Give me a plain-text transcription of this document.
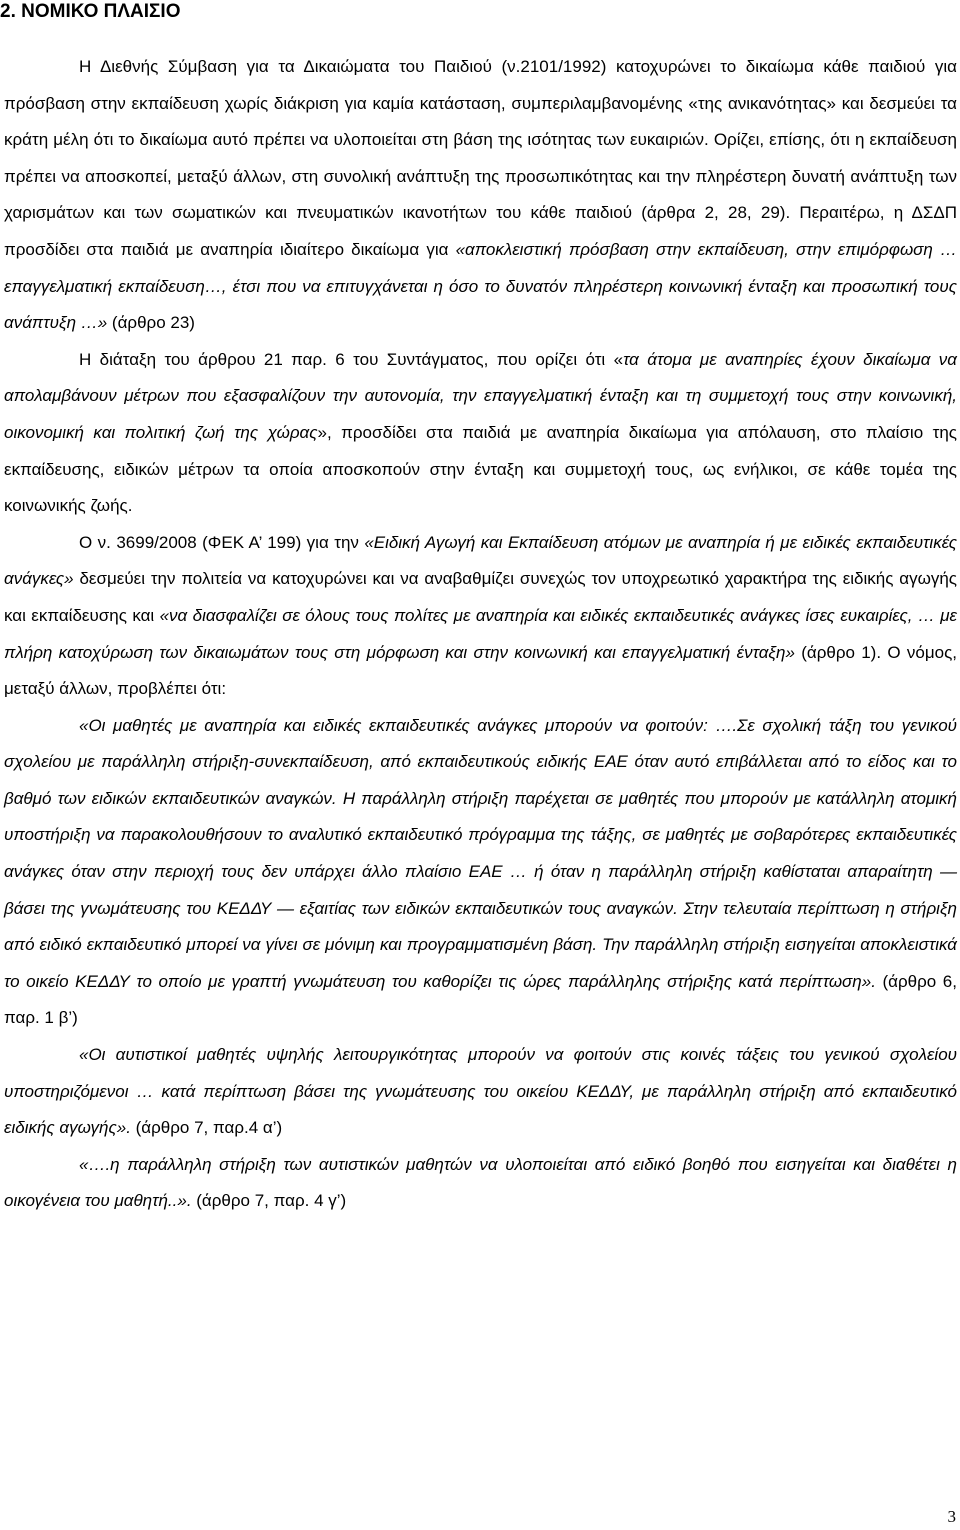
2. ΝΟΜΙΚΟ ΠΛΑΙΣΙΟ

Η Διεθνής Σύμβαση για τα Δικαιώματα του Παιδιού (ν.2101/1992) κατοχυρώνει το δικαίωμα κάθε παιδιού για πρόσβαση στην εκπαίδευση χωρίς διάκριση για καμία κατάσταση, συμπεριλαμβανομένης «της ανικανότητας» και δεσμεύει τα κράτη μέλη ότι το δικαίωμα αυτό πρέπει να υλοποιείται στη βάση της ισότητας των ευκαιριών. Ορίζει, επίσης, ότι η εκπαίδευση πρέπει να αποσκοπεί, μεταξύ άλλων, στη συνολική ανάπτυξη της προσωπικότητας και την πληρέστερη δυνατή ανάπτυξη των χαρισμάτων και των σωματικών και πνευματικών ικανοτήτων του κάθε παιδιού (άρθρα 2, 28, 29). Περαιτέρω, η ΔΣΔΠ προσδίδει στα παιδιά με αναπηρία ιδιαίτερο δικαίωμα για «αποκλειστική πρόσβαση στην εκπαίδευση, στην επιμόρφωση … επαγγελματική εκπαίδευση…, έτσι που να επιτυγχάνεται η όσο το δυνατόν πληρέστερη κοινωνική ένταξη και προσωπική τους ανάπτυξη …» (άρθρο 23)

Η διάταξη του άρθρου 21 παρ. 6 του Συντάγματος, που ορίζει ότι «τα άτομα με αναπηρίες έχουν δικαίωμα να απολαμβάνουν μέτρων που εξασφαλίζουν την αυτονομία, την επαγγελματική ένταξη και τη συμμετοχή τους στην κοινωνική, οικονομική και πολιτική ζωή της χώρας», προσδίδει στα παιδιά με αναπηρία δικαίωμα για απόλαυση, στο πλαίσιο της εκπαίδευσης, ειδικών μέτρων τα οποία αποσκοπούν στην ένταξη και συμμετοχή τους, ως ενήλικοι, σε κάθε τομέα της κοινωνικής ζωής.

Ο ν. 3699/2008 (ΦΕΚ Α’ 199) για την «Ειδική Αγωγή και Εκπαίδευση ατόμων με αναπηρία ή με ειδικές εκπαιδευτικές ανάγκες» δεσμεύει την πολιτεία να κατοχυρώνει και να αναβαθμίζει συνεχώς τον υποχρεωτικό χαρακτήρα της ειδικής αγωγής και εκπαίδευσης και «να διασφαλίζει σε όλους τους πολίτες με αναπηρία και ειδικές εκπαιδευτικές ανάγκες ίσες ευκαιρίες, … με πλήρη κατοχύρωση των δικαιωμάτων τους στη μόρφωση και στην κοινωνική και επαγγελματική ένταξη» (άρθρο 1). Ο νόμος, μεταξύ άλλων, προβλέπει ότι:

«Οι μαθητές με αναπηρία και ειδικές εκπαιδευτικές ανάγκες μπορούν να φοιτούν: ….Σε σχολική τάξη του γενικού σχολείου με παράλληλη στήριξη-συνεκπαίδευση, από εκπαιδευτικούς ειδικής ΕΑΕ όταν αυτό επιβάλλεται από το είδος και το βαθμό των ειδικών εκπαιδευτικών αναγκών. Η παράλληλη στήριξη παρέχεται σε μαθητές που μπορούν με κατάλληλη ατομική υποστήριξη να παρακολουθήσουν το αναλυτικό εκπαιδευτικό πρόγραμμα της τάξης, σε μαθητές με σοβαρότερες εκπαιδευτικές ανάγκες όταν στην περιοχή τους δεν υπάρχει άλλο πλαίσιο ΕΑΕ … ή όταν η παράλληλη στήριξη καθίσταται απαραίτητη ― βάσει της γνωμάτευσης του ΚΕΔΔΥ ― εξαιτίας των ειδικών εκπαιδευτικών τους αναγκών. Στην τελευταία περίπτωση η στήριξη από ειδικό εκπαιδευτικό μπορεί να γίνει σε μόνιμη και προγραμματισμένη βάση. Την παράλληλη στήριξη εισηγείται αποκλειστικά το οικείο ΚΕΔΔΥ το οποίο με γραπτή γνωμάτευση του καθορίζει τις ώρες παράλληλης στήριξης κατά περίπτωση». (άρθρο 6, παρ. 1 β’)

«Οι αυτιστικοί μαθητές υψηλής λειτουργικότητας μπορούν να φοιτούν στις κοινές τάξεις του γενικού σχολείου υποστηριζόμενοι … κατά περίπτωση βάσει της γνωμάτευσης του οικείου ΚΕΔΔΥ, με παράλληλη στήριξη από εκπαιδευτικό ειδικής αγωγής». (άρθρο 7, παρ.4 α’)

«….η παράλληλη στήριξη των αυτιστικών μαθητών να υλοποιείται από ειδικό βοηθό που εισηγείται και διαθέτει η οικογένεια του μαθητή..». (άρθρο 7, παρ. 4 γ’)

3
